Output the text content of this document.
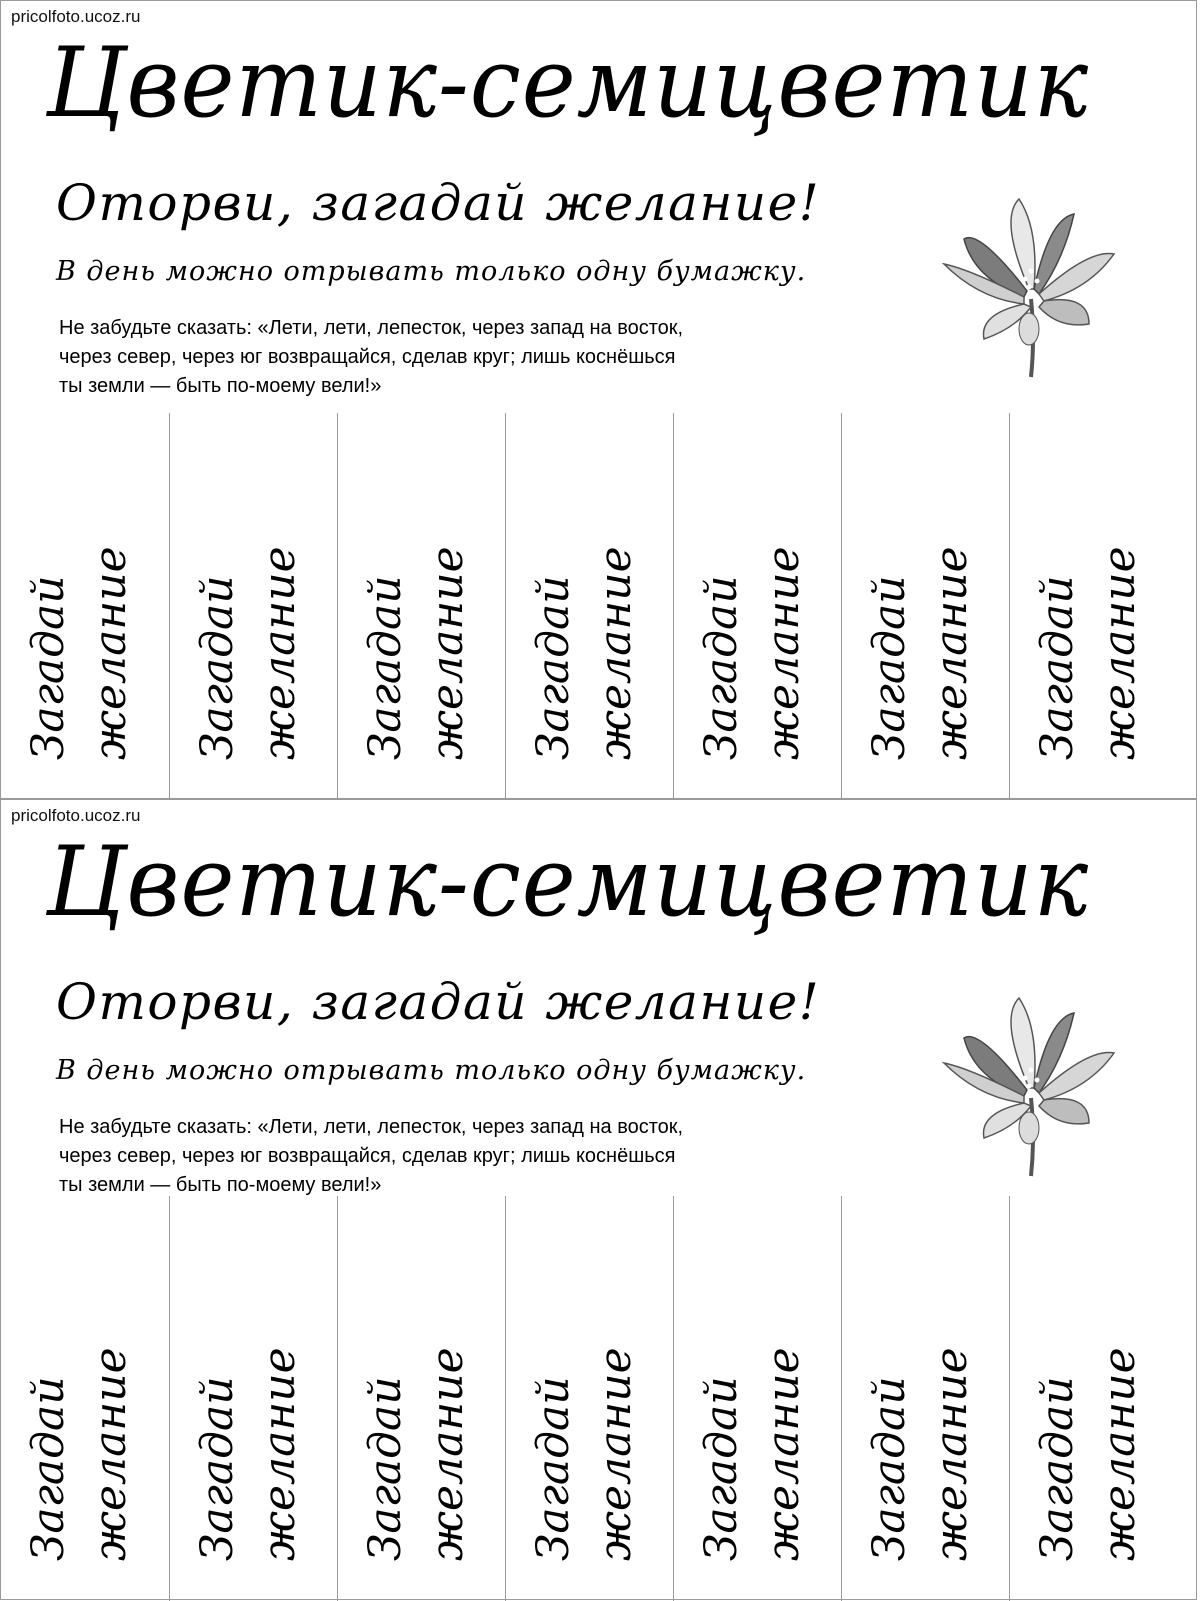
pricolfoto.ucoz.ru
Цветик-семицветик
Оторви, загадай желание!
В день можно отрывать только одну бумажку.
Не забудьте сказать: «Лети, лети, лепесток, через запад на восток,
через север, через юг возвращайся, сделав круг; лишь коснёшься
ты земли — быть по-моему вели!»
Загадай желание Загадай желание Загадай желание Загадай желание Загадай желание Загадай желание Загадай желание
pricolfoto.ucoz.ru
Цветик-семицветик
Оторви, загадай желание!
В день можно отрывать только одну бумажку.
Не забудьте сказать: «Лети, лети, лепесток, через запад на восток,
через север, через юг возвращайся, сделав круг; лишь коснёшься
ты земли — быть по-моему вели!»
Загадай желание Загадай желание Загадай желание Загадай желание Загадай желание Загадай желание Загадай желание
